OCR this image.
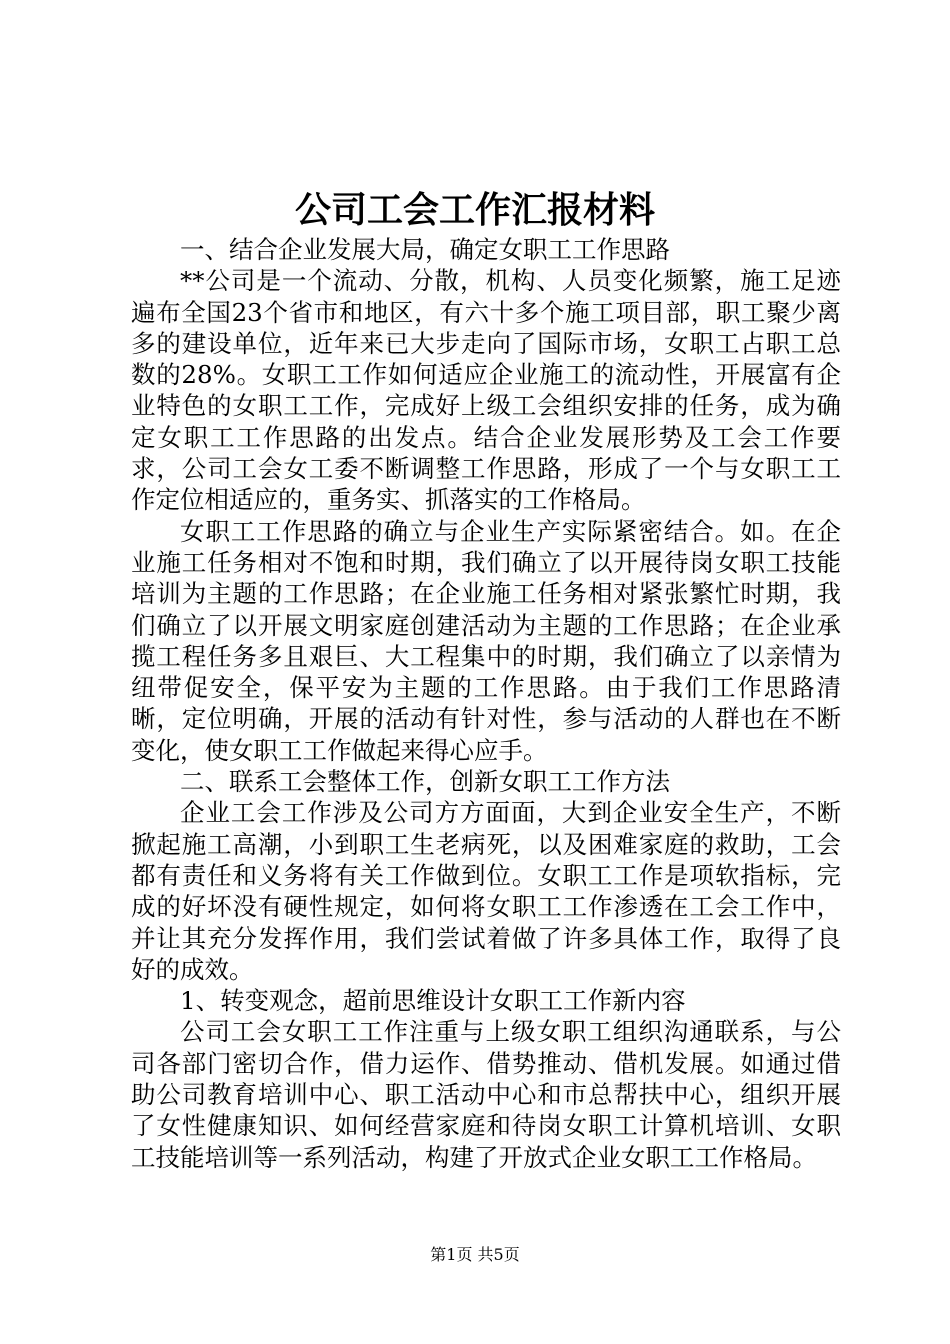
公司工会工作汇报材料

一、结合企业发展大局，确定女职工工作思路

**公司是一个流动、分散，机构、人员变化频繁，施工足迹遍布全国23个省市和地区，有六十多个施工项目部，职工聚少离多的建设单位，近年来已大步走向了国际市场，女职工占职工总数的28%。女职工工作如何适应企业施工的流动性，开展富有企业特色的女职工工作，完成好上级工会组织安排的任务，成为确定女职工工作思路的出发点。结合企业发展形势及工会工作要求，公司工会女工委不断调整工作思路，形成了一个与女职工工作定位相适应的，重务实、抓落实的工作格局。

女职工工作思路的确立与企业生产实际紧密结合。如。在企业施工任务相对不饱和时期，我们确立了以开展待岗女职工技能培训为主题的工作思路；在企业施工任务相对紧张繁忙时期，我们确立了以开展文明家庭创建活动为主题的工作思路；在企业承揽工程任务多且艰巨、大工程集中的时期，我们确立了以亲情为纽带促安全，保平安为主题的工作思路。由于我们工作思路清晰，定位明确，开展的活动有针对性，参与活动的人群也在不断变化，使女职工工作做起来得心应手。

二、联系工会整体工作，创新女职工工作方法

企业工会工作涉及公司方方面面，大到企业安全生产，不断掀起施工高潮，小到职工生老病死，以及困难家庭的救助，工会都有责任和义务将有关工作做到位。女职工工作是项软指标，完成的好坏没有硬性规定，如何将女职工工作渗透在工会工作中，并让其充分发挥作用，我们尝试着做了许多具体工作，取得了良好的成效。

1、转变观念，超前思维设计女职工工作新内容

公司工会女职工工作注重与上级女职工组织沟通联系，与公司各部门密切合作，借力运作、借势推动、借机发展。如通过借助公司教育培训中心、职工活动中心和市总帮扶中心，组织开展了女性健康知识、如何经营家庭和待岗女职工计算机培训、女职工技能培训等一系列活动，构建了开放式企业女职工工作格局。

第1页 共5页
